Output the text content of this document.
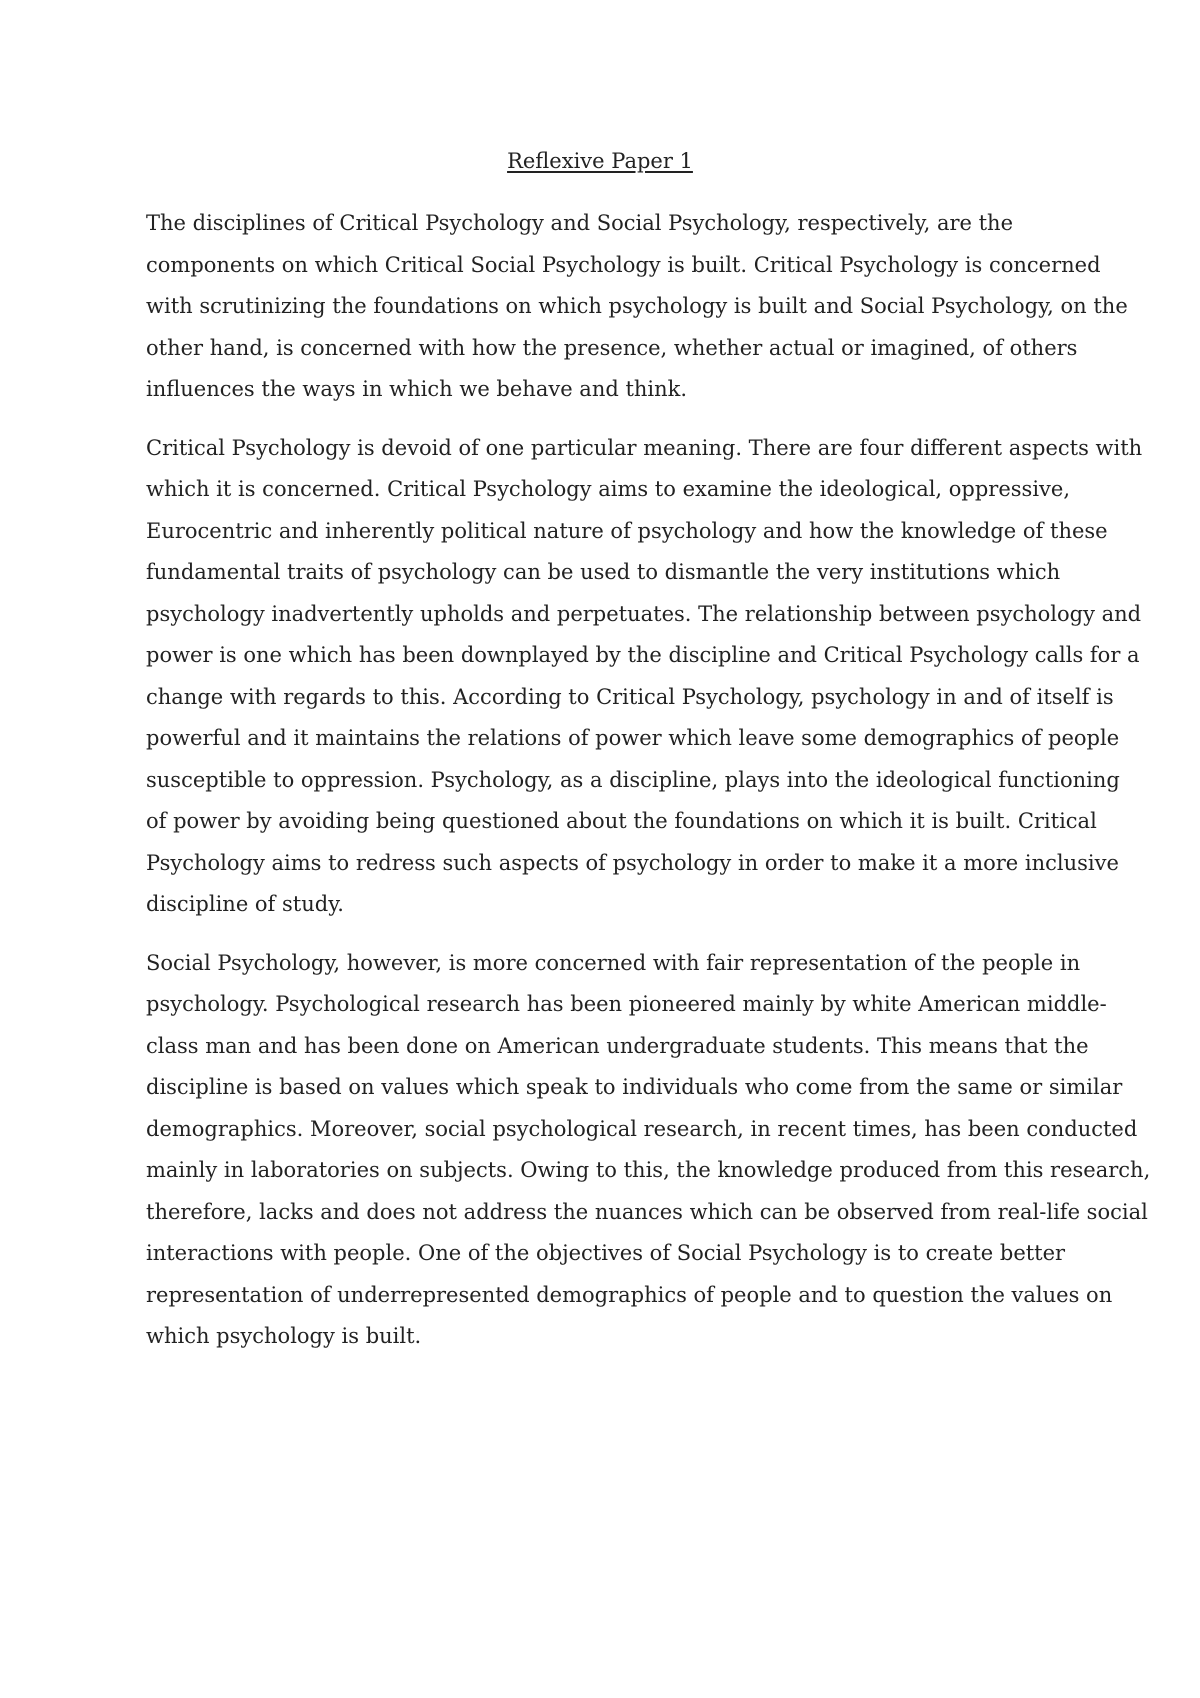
Reflexive Paper 1

The disciplines of Critical Psychology and Social Psychology, respectively, are the
components on which Critical Social Psychology is built. Critical Psychology is concerned
with scrutinizing the foundations on which psychology is built and Social Psychology, on the
other hand, is concerned with how the presence, whether actual or imagined, of others
influences the ways in which we behave and think.

Critical Psychology is devoid of one particular meaning. There are four different aspects with
which it is concerned. Critical Psychology aims to examine the ideological, oppressive,
Eurocentric and inherently political nature of psychology and how the knowledge of these
fundamental traits of psychology can be used to dismantle the very institutions which
psychology inadvertently upholds and perpetuates. The relationship between psychology and
power is one which has been downplayed by the discipline and Critical Psychology calls for a
change with regards to this. According to Critical Psychology, psychology in and of itself is
powerful and it maintains the relations of power which leave some demographics of people
susceptible to oppression. Psychology, as a discipline, plays into the ideological functioning
of power by avoiding being questioned about the foundations on which it is built. Critical
Psychology aims to redress such aspects of psychology in order to make it a more inclusive
discipline of study.

Social Psychology, however, is more concerned with fair representation of the people in
psychology. Psychological research has been pioneered mainly by white American middle-
class man and has been done on American undergraduate students. This means that the
discipline is based on values which speak to individuals who come from the same or similar
demographics. Moreover, social psychological research, in recent times, has been conducted
mainly in laboratories on subjects. Owing to this, the knowledge produced from this research,
therefore, lacks and does not address the nuances which can be observed from real-life social
interactions with people. One of the objectives of Social Psychology is to create better
representation of underrepresented demographics of people and to question the values on
which psychology is built.
